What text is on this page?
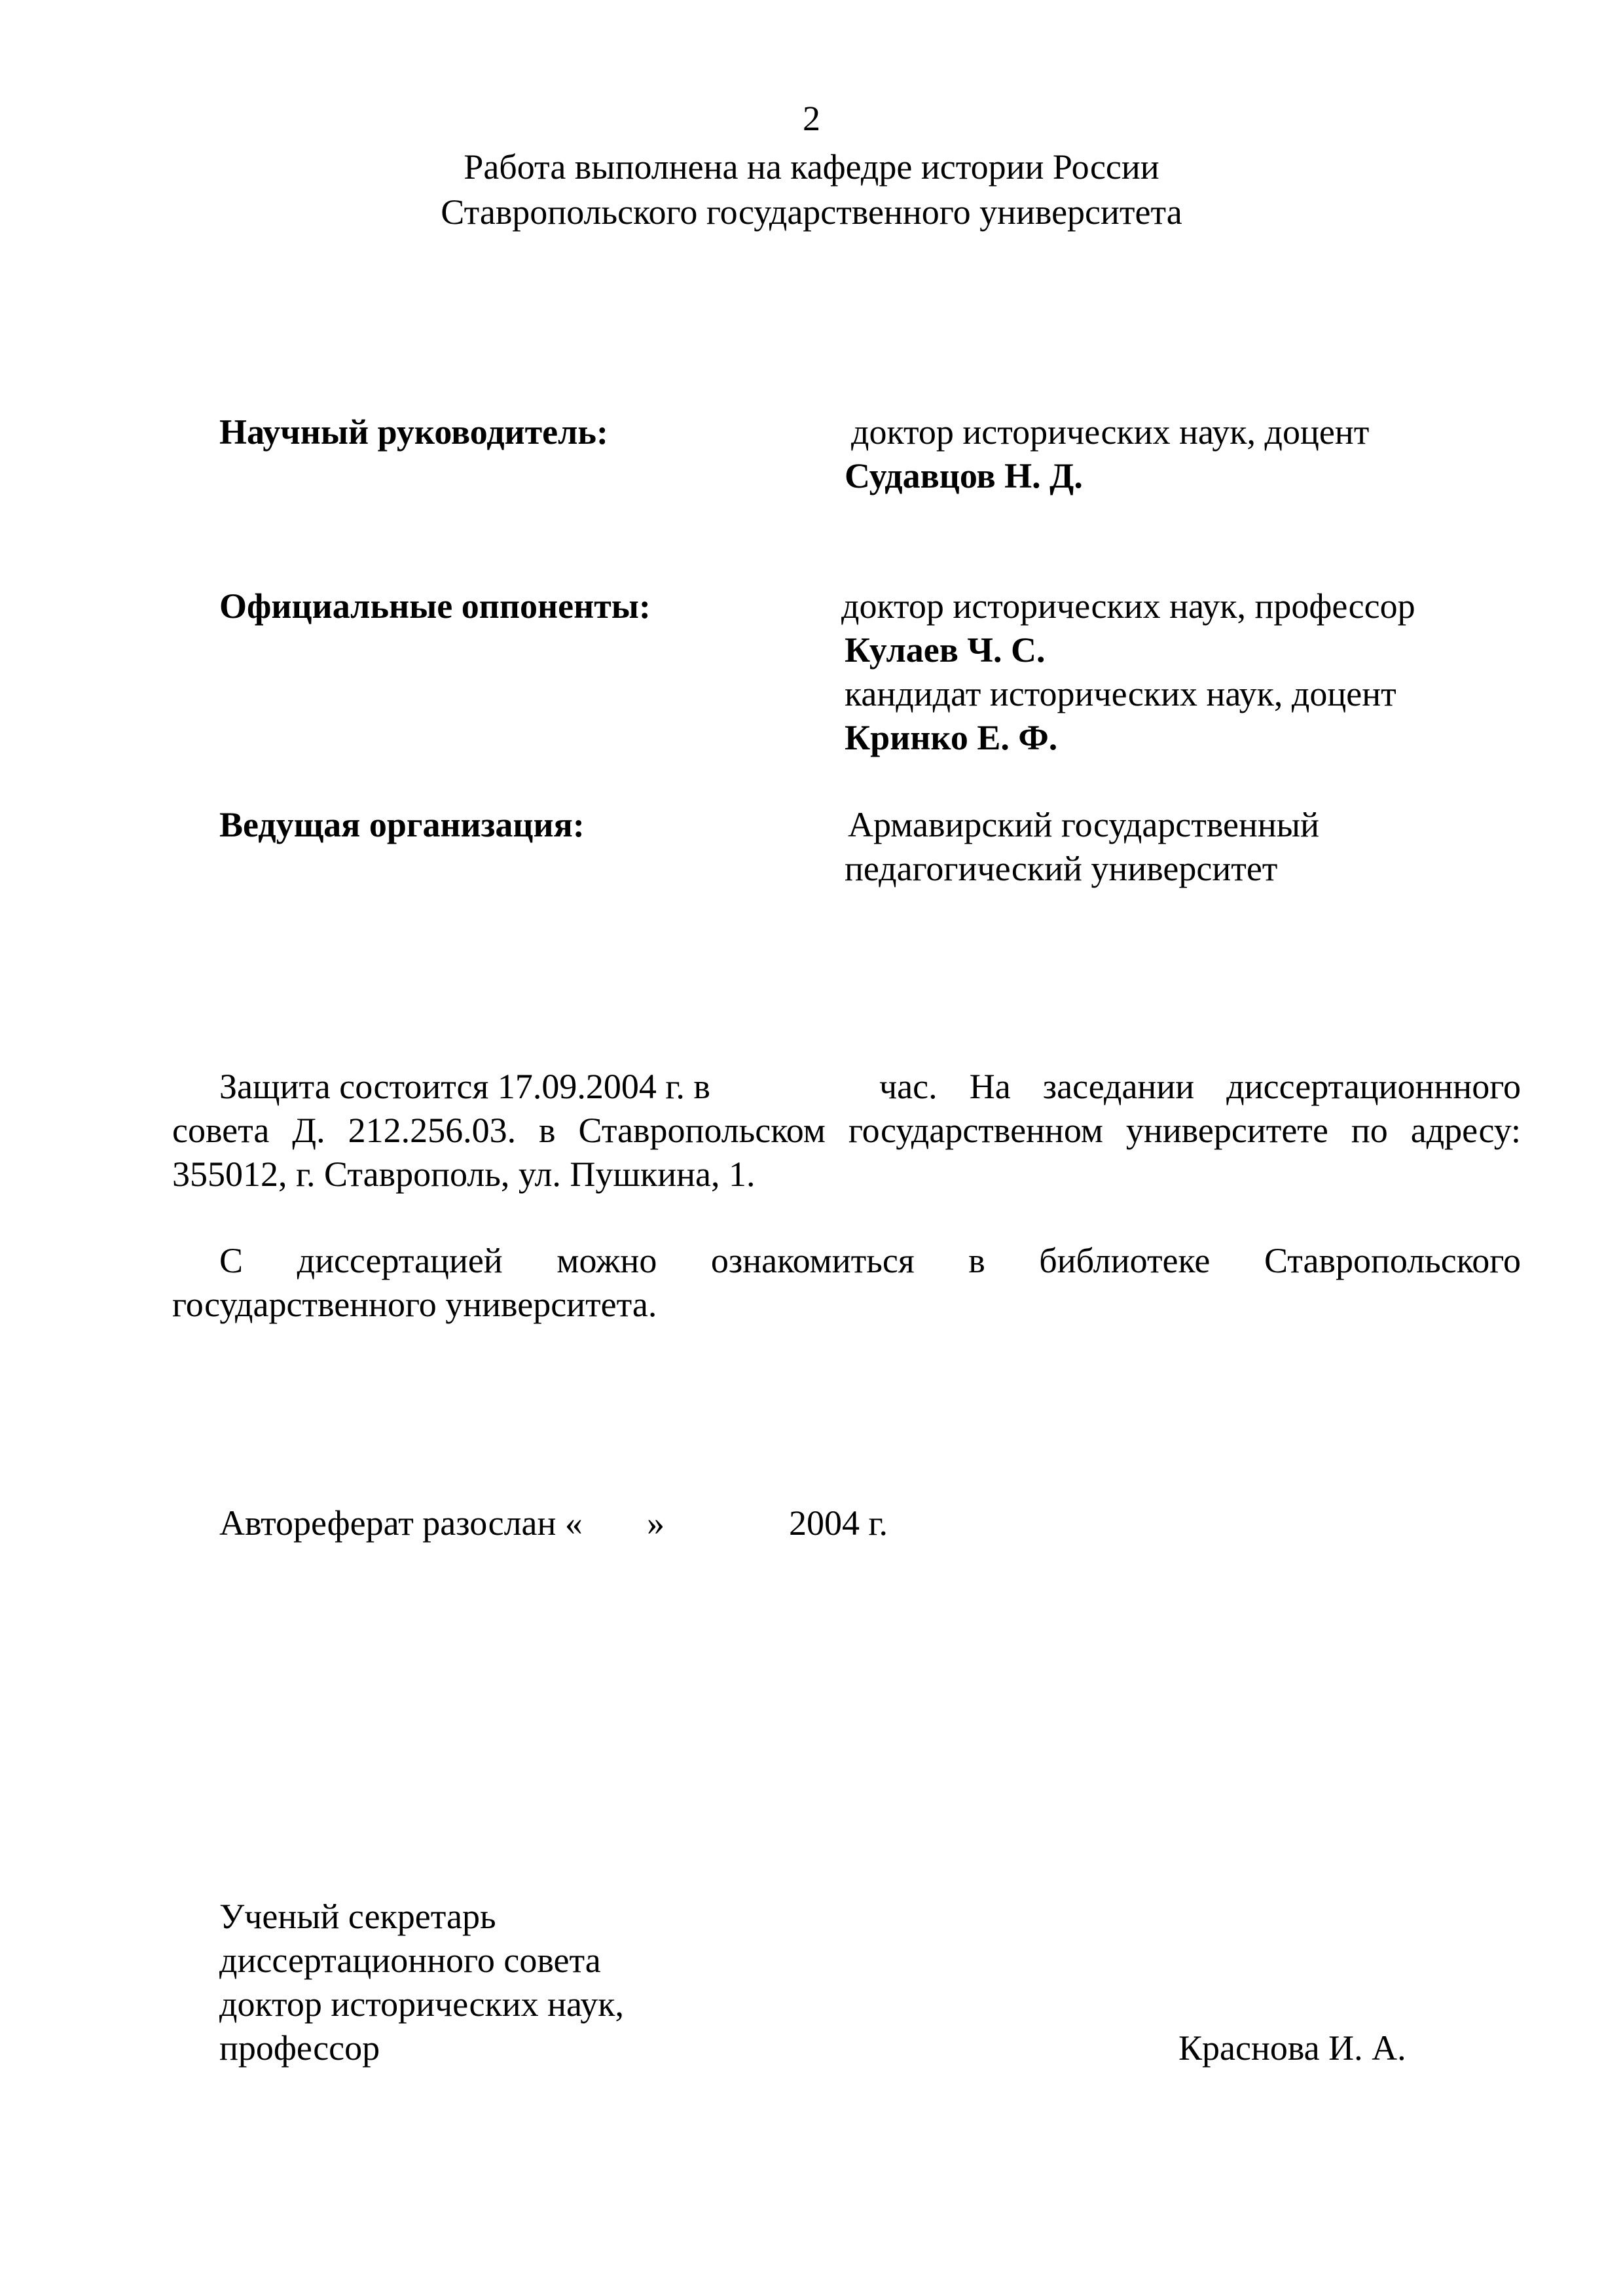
2
Работа выполнена на кафедре истории России
Ставропольского государственного университета
Научный руководитель:	доктор исторических наук, доцент
Судавцов Н. Д.
Официальные оппоненты:	доктор исторических наук, профессор
Кулаев Ч. С.
кандидат исторических наук, доцент
Кринко Е. Ф.
Ведущая организация:	Армавирский государственный
педагогический университет
Защита состоится 17.09.2004 г. в	час. На заседании диссертационнного
совета Д. 212.256.03. в Ставропольском государственном университете по адресу:
355012, г. Ставрополь, ул. Пушкина, 1.
С диссертацией можно ознакомиться в библиотеке Ставропольского
государственного университета.
Автореферат разослан « »	2004 г.
Ученый секретарь
диссертационного совета
доктор исторических наук,
профессор	Краснова И. А.
